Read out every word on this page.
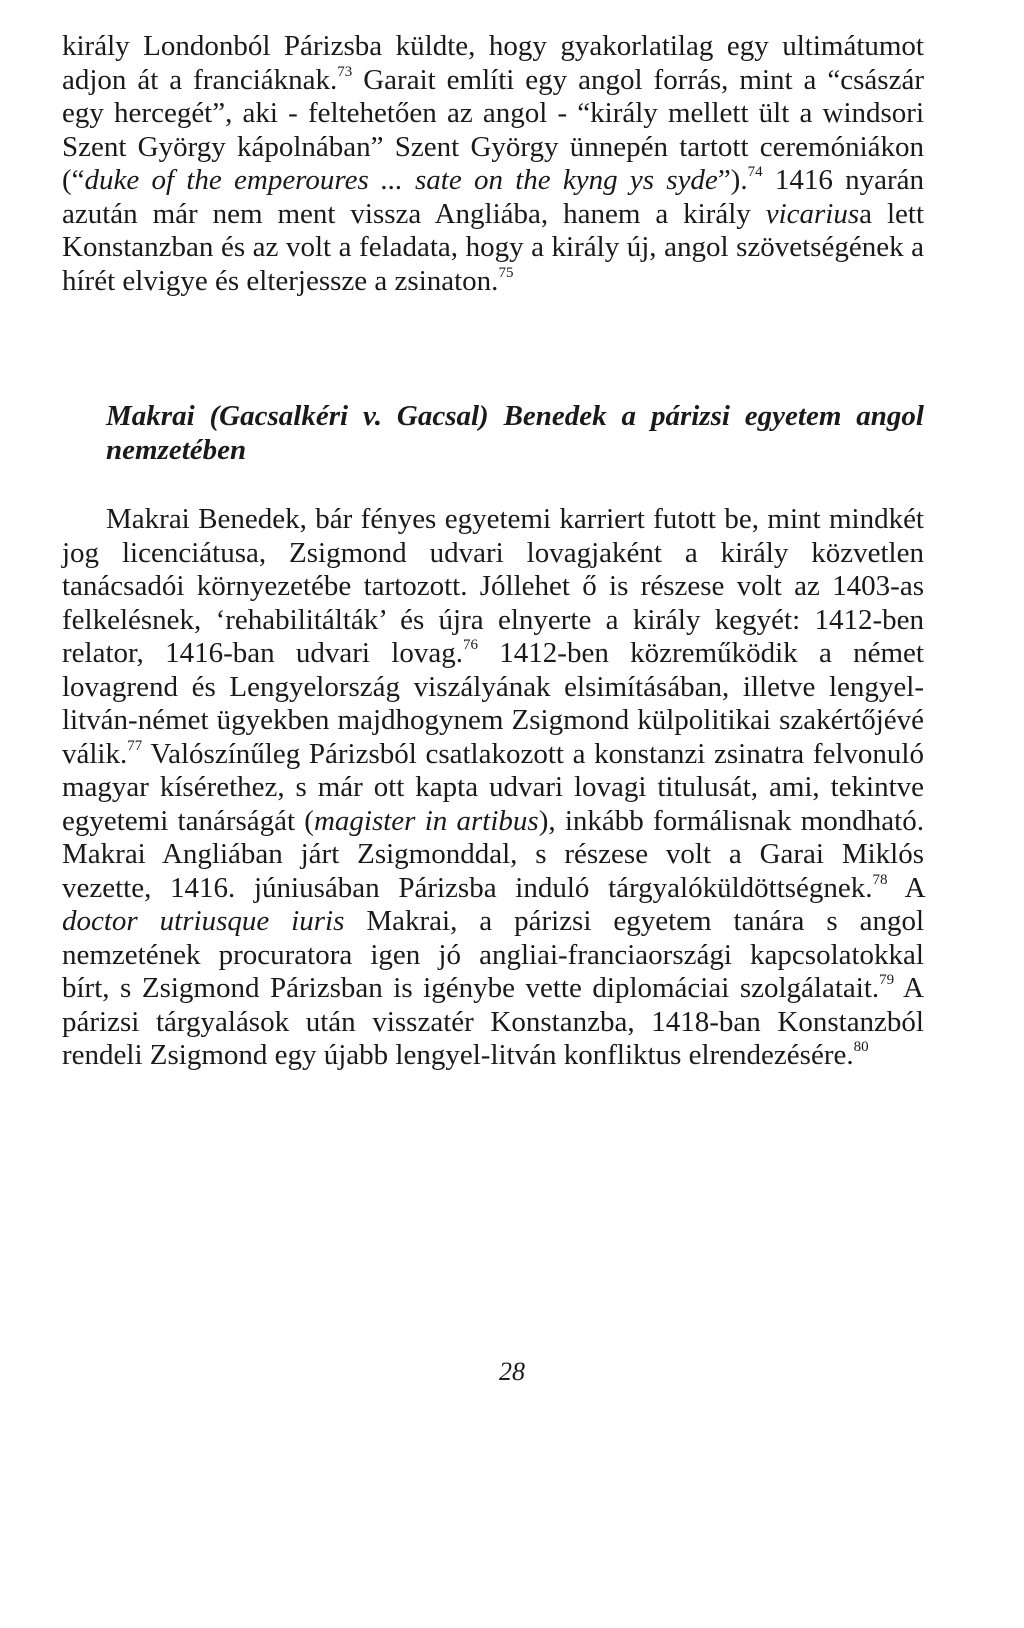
király Londonból Párizsba küldte, hogy gyakorlatilag egy ultimátumot adjon át a franciáknak.$^{73}$ Garait említi egy angol forrás, mint a “császár egy hercegét”, aki - feltehetően az angol - “király mellett ült a windsori Szent György kápolnában” Szent György ünnepén tartott ceremóniákon (“duke of the emperoures ... sate on the kyng ys syde”).$^{74}$ 1416 nyarán azután már nem ment vissza Angliába, hanem a király vicariusa lett Konstanzban és az volt a feladata, hogy a király új, angol szövetségének a hírét elvigye és elterjessze a zsinaton.$^{75}$

Makrai (Gacsalkéri v. Gacsal) Benedek a párizsi egyetem angol nemzetében

Makrai Benedek, bár fényes egyetemi karriert futott be, mint mindkét jog licenciátusa, Zsigmond udvari lovagjaként a király közvetlen tanácsadói környezetébe tartozott. Jóllehet ő is részese volt az 1403-as felkelésnek, ‘rehabilitálták’ és újra elnyerte a király kegyét: 1412-ben relator, 1416-ban udvari lovag.$^{76}$ 1412-ben közreműködik a német lovagrend és Lengyelország viszályának elsimításában, illetve lengyel-litván-német ügyekben majdhogynem Zsigmond külpolitikai szakértőjévé válik.$^{77}$ Valószínűleg Párizsból csatlakozott a konstanzi zsinatra felvonuló magyar kísérethez, s már ott kapta udvari lovagi titulusát, ami, tekintve egyetemi tanárságát (magister in artibus), inkább formálisnak mondható. Makrai Angliában járt Zsigmonddal, s részese volt a Garai Miklós vezette, 1416. júniusában Párizsba induló tárgyalóküldöttségnek.$^{78}$ A doctor utriusque iuris Makrai, a párizsi egyetem tanára s angol nemzetének procuratora igen jó angliai-franciaországi kapcsolatokkal bírt, s Zsigmond Párizsban is igénybe vette diplomáciai szolgálatait.$^{79}$ A párizsi tárgyalások után visszatér Konstanzba, 1418-ban Konstanzból rendeli Zsigmond egy újabb lengyel-litván konfliktus elrendezésére.$^{80}$

28
